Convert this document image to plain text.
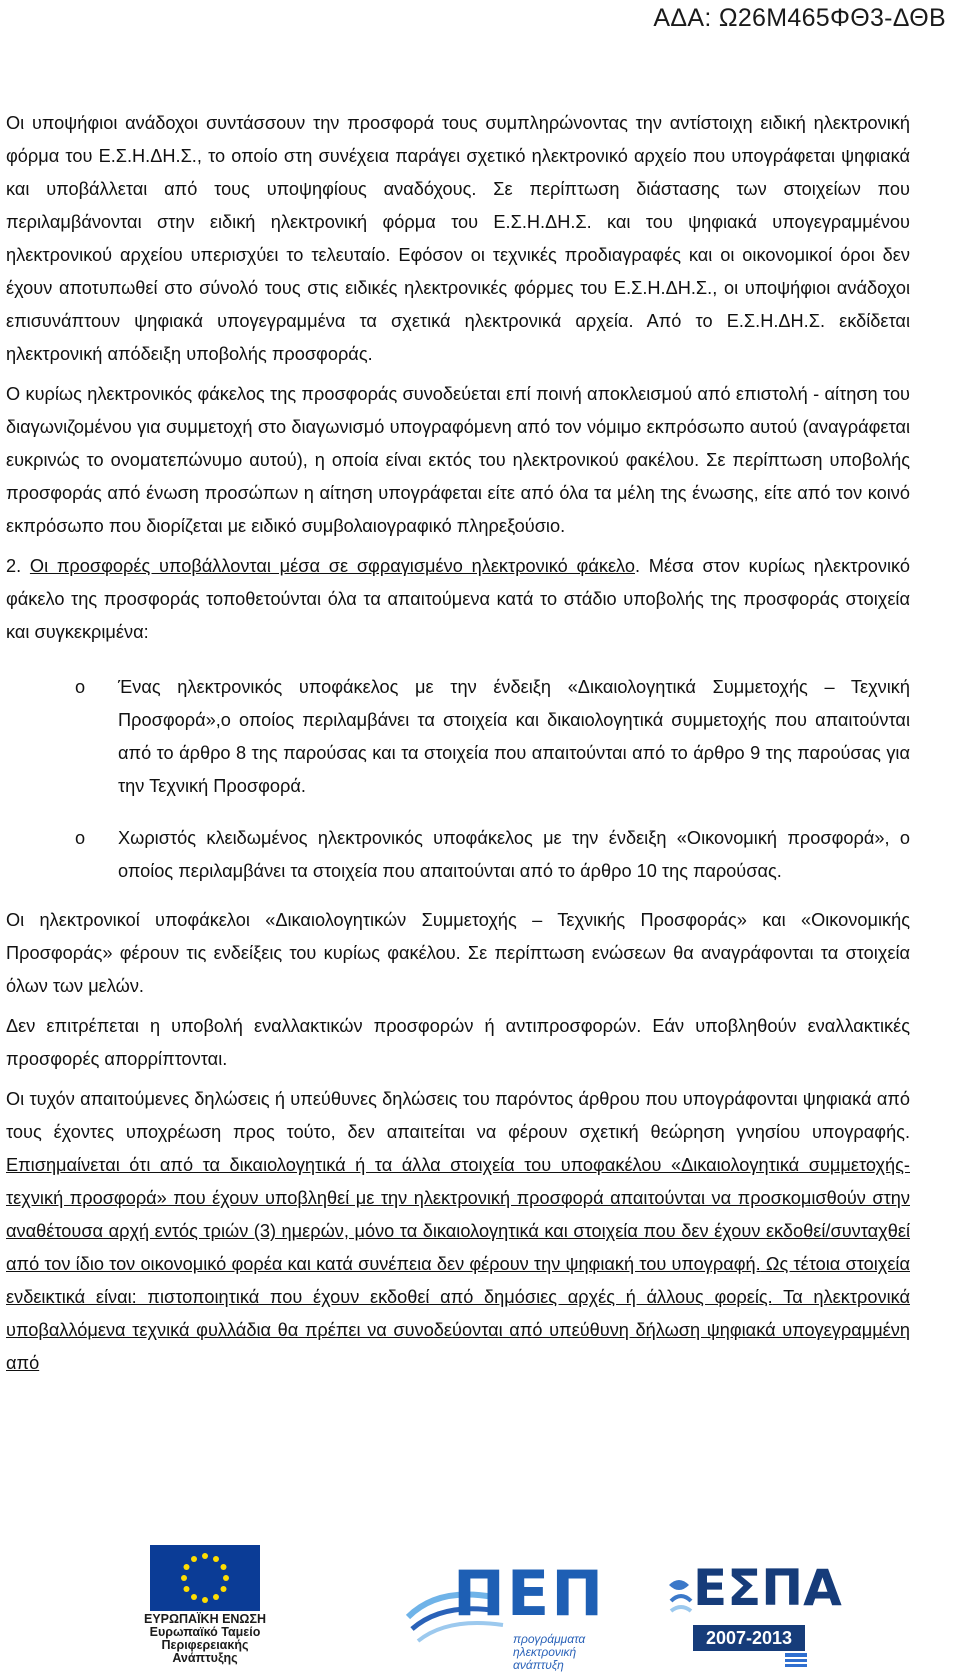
ΑΔΑ: Ω26Μ465ΦΘ3-ΔΘΒ

Οι υποψήφιοι ανάδοχοι συντάσσουν την προσφορά τους συμπληρώνοντας την αντίστοιχη ειδική ηλεκτρονική φόρμα του Ε.Σ.Η.ΔΗ.Σ., το οποίο στη συνέχεια παράγει σχετικό ηλεκτρονικό αρχείο που υπογράφεται ψηφιακά και υποβάλλεται από τους υποψηφίους αναδόχους. Σε περίπτωση διάστασης των στοιχείων που περιλαμβάνονται στην ειδική ηλεκτρονική φόρμα του Ε.Σ.Η.ΔΗ.Σ. και του ψηφιακά υπογεγραμμένου ηλεκτρονικού αρχείου υπερισχύει το τελευταίο. Εφόσον οι τεχνικές προδιαγραφές και οι οικονομικοί όροι δεν έχουν αποτυπωθεί στο σύνολό τους στις ειδικές ηλεκτρονικές φόρμες του Ε.Σ.Η.ΔΗ.Σ., οι υποψήφιοι ανάδοχοι επισυνάπτουν ψηφιακά υπογεγραμμένα τα σχετικά ηλεκτρονικά αρχεία. Από το Ε.Σ.Η.ΔΗ.Σ. εκδίδεται ηλεκτρονική απόδειξη υποβολής προσφοράς.

Ο κυρίως ηλεκτρονικός φάκελος της προσφοράς συνοδεύεται επί ποινή αποκλεισμού από επιστολή - αίτηση του διαγωνιζομένου για συμμετοχή στο διαγωνισμό υπογραφόμενη από τον νόμιμο εκπρόσωπο αυτού (αναγράφεται ευκρινώς το ονοματεπώνυμο αυτού), η οποία είναι εκτός του ηλεκτρονικού φακέλου. Σε περίπτωση υποβολής προσφοράς από ένωση προσώπων η αίτηση υπογράφεται είτε από όλα τα μέλη της ένωσης, είτε από τον κοινό εκπρόσωπο που διορίζεται με ειδικό συμβολαιογραφικό πληρεξούσιο.

2. Οι προσφορές υποβάλλονται μέσα σε σφραγισμένο ηλεκτρονικό φάκελο. Μέσα στον κυρίως ηλεκτρονικό φάκελο της προσφοράς τοποθετούνται όλα τα απαιτούμενα κατά το στάδιο υποβολής της προσφοράς στοιχεία και συγκεκριμένα:

o Ένας ηλεκτρονικός υποφάκελος με την ένδειξη «Δικαιολογητικά Συμμετοχής – Τεχνική Προσφορά»,ο οποίος περιλαμβάνει τα στοιχεία και δικαιολογητικά συμμετοχής που απαιτούνται από το άρθρο 8 της παρούσας και τα στοιχεία που απαιτούνται από το άρθρο 9 της παρούσας για την Τεχνική Προσφορά.
o Χωριστός κλειδωμένος ηλεκτρονικός υποφάκελος με την ένδειξη «Οικονομική προσφορά», ο οποίος περιλαμβάνει τα στοιχεία που απαιτούνται από το άρθρο 10 της παρούσας.

Οι ηλεκτρονικοί υποφάκελοι «Δικαιολογητικών Συμμετοχής – Τεχνικής Προσφοράς» και «Οικονομικής Προσφοράς» φέρουν τις ενδείξεις του κυρίως φακέλου. Σε περίπτωση ενώσεων θα αναγράφονται τα στοιχεία όλων των μελών.

Δεν επιτρέπεται η υποβολή εναλλακτικών προσφορών ή αντιπροσφορών. Εάν υποβληθούν εναλλακτικές προσφορές απορρίπτονται.

Οι τυχόν απαιτούμενες δηλώσεις ή υπεύθυνες δηλώσεις του παρόντος άρθρου που υπογράφονται ψηφιακά από τους έχοντες υποχρέωση προς τούτο, δεν απαιτείται να φέρουν σχετική θεώρηση γνησίου υπογραφής. Επισημαίνεται ότι από τα δικαιολογητικά ή τα άλλα στοιχεία του υποφακέλου «Δικαιολογητικά συμμετοχής-τεχνική προσφορά» που έχουν υποβληθεί με την ηλεκτρονική προσφορά απαιτούνται να προσκομισθούν στην αναθέτουσα αρχή εντός τριών (3) ημερών, μόνο τα δικαιολογητικά και στοιχεία που δεν έχουν εκδοθεί/συνταχθεί από τον ίδιο τον οικονομικό φορέα και κατά συνέπεια δεν φέρουν την ψηφιακή του υπογραφή. Ως τέτοια στοιχεία ενδεικτικά είναι: πιστοποιητικά που έχουν εκδοθεί από δημόσιες αρχές ή άλλους φορείς. Τα ηλεκτρονικά υποβαλλόμενα τεχνικά φυλλάδια θα πρέπει να συνοδεύονται από υπεύθυνη δήλωση ψηφιακά υπογεγραμμένη από

ΕΥΡΩΠΑΪΚΗ ΕΝΩΣΗ
Ευρωπαϊκό Ταμείο
Περιφερειακής Ανάπτυξης
ΠΕΠ
προγράμματα
ηλεκτρονική
ανάπτυξη
ΕΣΠΑ
2007-2013
